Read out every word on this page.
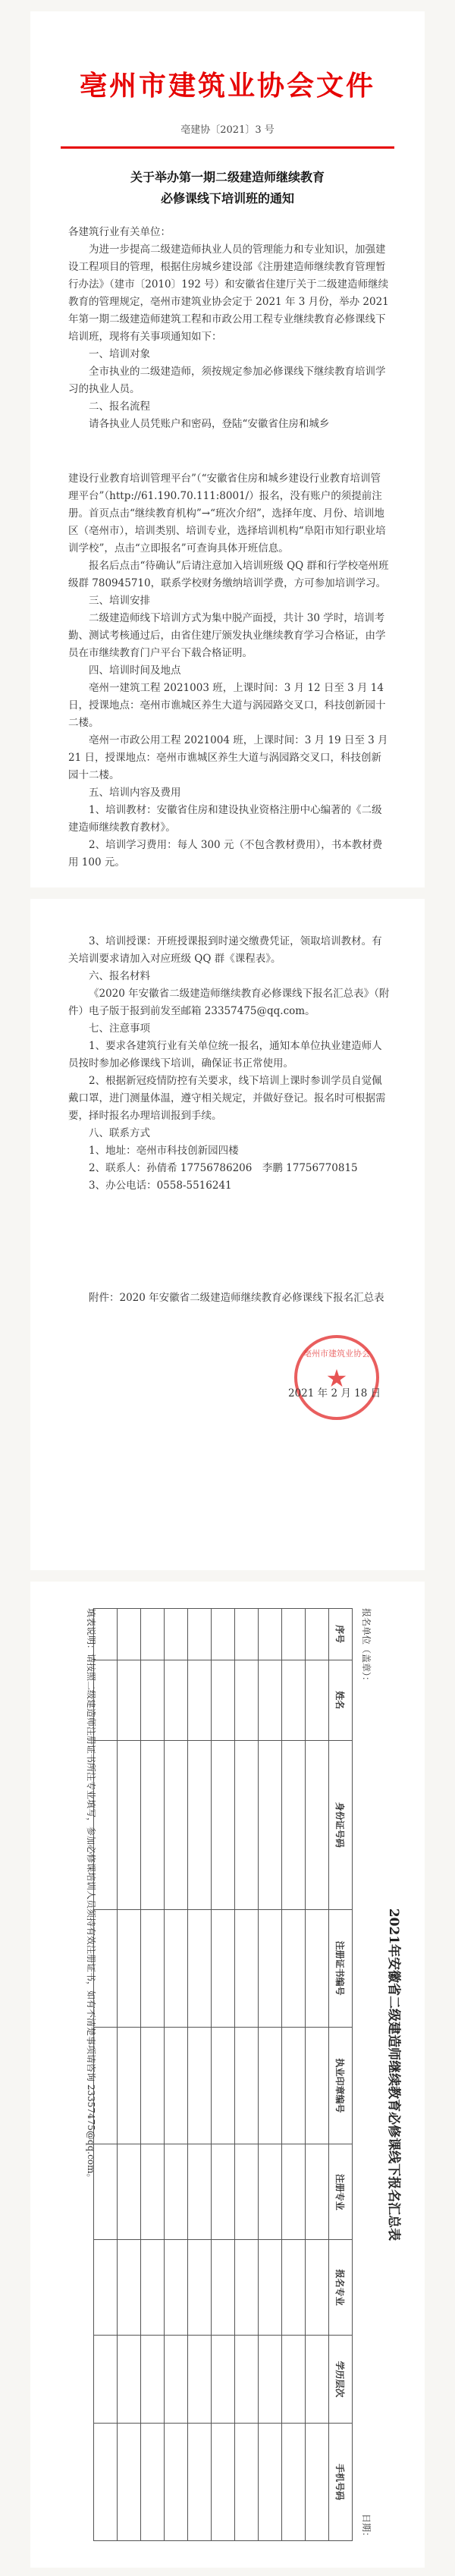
亳州市建筑业协会文件
亳建协〔2021〕3 号
关于举办第一期二级建造师继续教育
必修课线下培训班的通知

各建筑行业有关单位：

为进一步提高二级建造师执业人员的管理能力和专业知识，加强建设工程项目的管理，根据住房城乡建设部《注册建造师继续教育管理暂行办法》（建市〔2010〕192 号）和安徽省住建厅关于二级建造师继续教育的管理规定，亳州市建筑业协会定于 2021 年 3 月份，举办 2021 年第一期二级建造师建筑工程和市政公用工程专业继续教育必修课线下培训班，现将有关事项通知如下：

一、培训对象

全市执业的二级建造师，须按规定参加必修课线下继续教育培训学习的执业人员。

二、报名流程

请各执业人员凭账户和密码，登陆“安徽省住房和城乡

建设行业教育培训管理平台”（“安徽省住房和城乡建设行业教育培训管理平台”（http://61.190.70.111:8001/）报名，没有账户的须提前注册。首页点击“继续教育机构”→“班次介绍”，选择年度、月份、培训地区（亳州市），培训类别、培训专业，选择培训机构“阜阳市知行职业培训学校”，点击“立即报名”可查询具体开班信息。

报名后点击“待确认”后请注意加入培训班级 QQ 群和行学校亳州班级群 780945710，联系学校财务缴纳培训学费，方可参加培训学习。

三、培训安排

二级建造师线下培训方式为集中脱产面授，共计 30 学时，培训考勤、测试考核通过后，由省住建厅颁发执业继续教育学习合格证，由学员在市继续教育门户平台下载合格证明。

四、培训时间及地点

亳州一建筑工程 2021003 班，上课时间：3 月 12 日至 3 月 14 日，授课地点：亳州市谯城区养生大道与涡园路交叉口，科技创新园十二楼。

亳州一市政公用工程 2021004 班，上课时间：3 月 19 日至 3 月 21 日，授课地点：亳州市谯城区养生大道与涡园路交叉口，科技创新园十二楼。

五、培训内容及费用

1、培训教材：安徽省住房和建设执业资格注册中心编著的《二级建造师继续教育教材》。

2、培训学习费用：每人 300 元（不包含教材费用），书本教材费用 100 元。

3、培训授课：开班授课报到时递交缴费凭证，领取培训教材。有关培训要求请加入对应班级 QQ 群《课程表》。

六、报名材料

《2020 年安徽省二级建造师继续教育必修课线下报名汇总表》（附件）电子版于报到前发至邮箱 23357475@qq.com。

七、注意事项

1、要求各建筑行业有关单位统一报名，通知本单位执业建造师人员按时参加必修课线下培训，确保证书正常使用。

2、根据新冠疫情防控有关要求，线下培训上课时参训学员自觉佩戴口罩，进门测量体温，遵守相关规定，并做好登记。报名时可根据需要，择时报名办理培训报到手续。

八、联系方式

1、地址：亳州市科技创新园四楼

2、联系人：孙倩希 17756786206　李鹏 17756770815

3、办公电话：0558-5516241

附件：2020 年安徽省二级建造师继续教育必修课线下报名汇总表

亳州市建筑业协会
★
2021 年 2 月 18 日
2021年安徽省二级建造师继续教育必修课线下报名汇总表
报名单位（盖章）：
日期：
序号	姓名	身份证号码	注册证书编号	执业印章编号	注册专业	报名专业	学历层次	手机号码

填表说明：请按照二级建造师注册证书所注专业填写，参加必修课培训人员须持有效注册证书，如有不清楚事项请咨询 23357475@qq.com。
